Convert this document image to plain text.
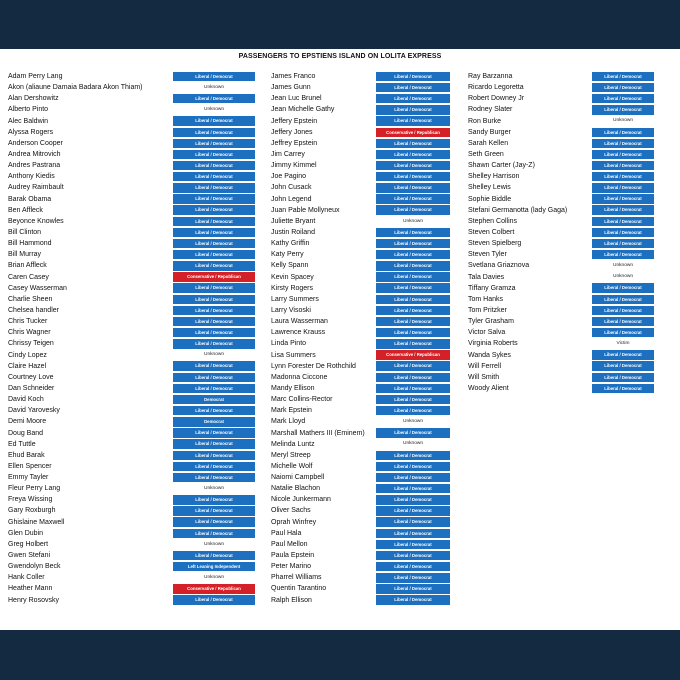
PASSENGERS TO EPSTIENS ISLAND ON LOLITA EXPRESS
Adam Perry Lang	Liberal / Democrat
Akon (aliaune Damaia Badara Akon Thiam)	Unknown
Alan Dershowitz	Liberal / Democrat
Alberto Pinto	Unknown
Alec Baldwin	Liberal / Democrat
Alyssa Rogers	Liberal / Democrat
Anderson Cooper	Liberal / Democrat
Andrea Mitrovich	Liberal / Democrat
Andres Pastrana	Liberal / Democrat
Anthony Kiedis	Liberal / Democrat
Audrey Raimbault	Liberal / Democrat
Barak Obama	Liberal / Democrat
Ben Affleck	Liberal / Democrat
Beyonce Knowles	Liberal / Democrat
Bill Clinton	Liberal / Democrat
Bill Hammond	Liberal / Democrat
Bill Murray	Liberal / Democrat
Brian Affleck	Liberal / Democrat
Caren Casey	Conservative / Republican
Casey Wasserman	Liberal / Democrat
Charlie Sheen	Liberal / Democrat
Chelsea handler	Liberal / Democrat
Chris Tucker	Liberal / Democrat
Chris Wagner	Liberal / Democrat
Chrissy Teigen	Liberal / Democrat
Cindy Lopez	Unknown
Claire Hazel	Liberal / Democrat
Courtney Love	Liberal / Democrat
Dan Schneider	Liberal / Democrat
David Koch	Democrat
David Yarovesky	Liberal / Democrat
Demi Moore	Democrat
Doug Band	Liberal / Democrat
Ed Tuttle	Liberal / Democrat
Ehud Barak	Liberal / Democrat
Ellen Spencer	Liberal / Democrat
Emmy Tayler	Liberal / Democrat
Fleur Perry Lang	Unknown
Freya Wissing	Liberal / Democrat
Gary Roxburgh	Liberal / Democrat
Ghislaine Maxwell	Liberal / Democrat
Glen Dubin	Liberal / Democrat
Greg Holbert	Unknown
Gwen Stefani	Liberal / Democrat
Gwendolyn Beck	Left Leaning Independent
Hank Coller	Unknown
Heather Mann	Conservative / Republican
Henry Rosovsky	Liberal / Democrat
James Franco	Liberal / Democrat
James Gunn	Liberal / Democrat
Jean Luc Brunel	Liberal / Democrat
Jean Michelle Gathy	Liberal / Democrat
Jeffery Epstein	Liberal / Democrat
Jeffery Jones	Conservative / Republican
Jeffrey Epstein	Liberal / Democrat
Jim Carrey	Liberal / Democrat
Jimmy Kimmel	Liberal / Democrat
Joe Pagino	Liberal / Democrat
John Cusack	Liberal / Democrat
John Legend	Liberal / Democrat
Juan Pable Mollyneux	Liberal / Democrat
Juliette Bryant	Unknown
Justin Roiland	Liberal / Democrat
Kathy Griffin	Liberal / Democrat
Katy Perry	Liberal / Democrat
Kelly Spann	Liberal / Democrat
Kevin Spacey	Liberal / Democrat
Kirsty Rogers	Liberal / Democrat
Larry Summers	Liberal / Democrat
Larry Visoski	Liberal / Democrat
Laura Wasserman	Liberal / Democrat
Lawrence Krauss	Liberal / Democrat
Linda Pinto	Liberal / Democrat
Lisa Summers	Conservative / Republican
Lynn Forester De Rothchild	Liberal / Democrat
Madonna Ciccone	Liberal / Democrat
Mandy Ellison	Liberal / Democrat
Marc Collins-Rector	Liberal / Democrat
Mark Epstein	Liberal / Democrat
Mark Lloyd	Unknown
Marshall Mathers III (Eminem)	Liberal / Democrat
Melinda Luntz	Unknown
Meryl Streep	Liberal / Democrat
Michelle Wolf	Liberal / Democrat
Naiomi Campbell	Liberal / Democrat
Natalie Blachon	Liberal / Democrat
Nicole Junkermann	Liberal / Democrat
Oliver Sachs	Liberal / Democrat
Oprah Winfrey	Liberal / Democrat
Paul Hala	Liberal / Democrat
Paul Mellon	Liberal / Democrat
Paula Epstein	Liberal / Democrat
Peter Marino	Liberal / Democrat
Pharrel Williams	Liberal / Democrat
Quentin Tarantino	Liberal / Democrat
Ralph Ellison	Liberal / Democrat
Ray Barzanna	Liberal / Democrat
Ricardo Legoretta	Liberal / Democrat
Robert Downey Jr	Liberal / Democrat
Rodney Slater	Liberal / Democrat
Ron Burke	Unknown
Sandy Burger	Liberal / Democrat
Sarah Kellen	Liberal / Democrat
Seth Green	Liberal / Democrat
Shawn Carter (Jay-Z)	Liberal / Democrat
Shelley Harrison	Liberal / Democrat
Shelley Lewis	Liberal / Democrat
Sophie Biddle	Liberal / Democrat
Stefani Germanotta (lady Gaga)	Liberal / Democrat
Stephen Collins	Liberal / Democrat
Steven Colbert	Liberal / Democrat
Steven Spielberg	Liberal / Democrat
Steven Tyler	Liberal / Democrat
Svetlana Griaznova	Unknown
Tala Davies	Unknown
Tiffany Gramza	Liberal / Democrat
Tom Hanks	Liberal / Democrat
Tom Pritzker	Liberal / Democrat
Tyler Grasham	Liberal / Democrat
Victor Salva	Liberal / Democrat
Virginia Roberts	Victim
Wanda Sykes	Liberal / Democrat
Will Ferrell	Liberal / Democrat
Will Smith	Liberal / Democrat
Woody Alient	Liberal / Democrat
